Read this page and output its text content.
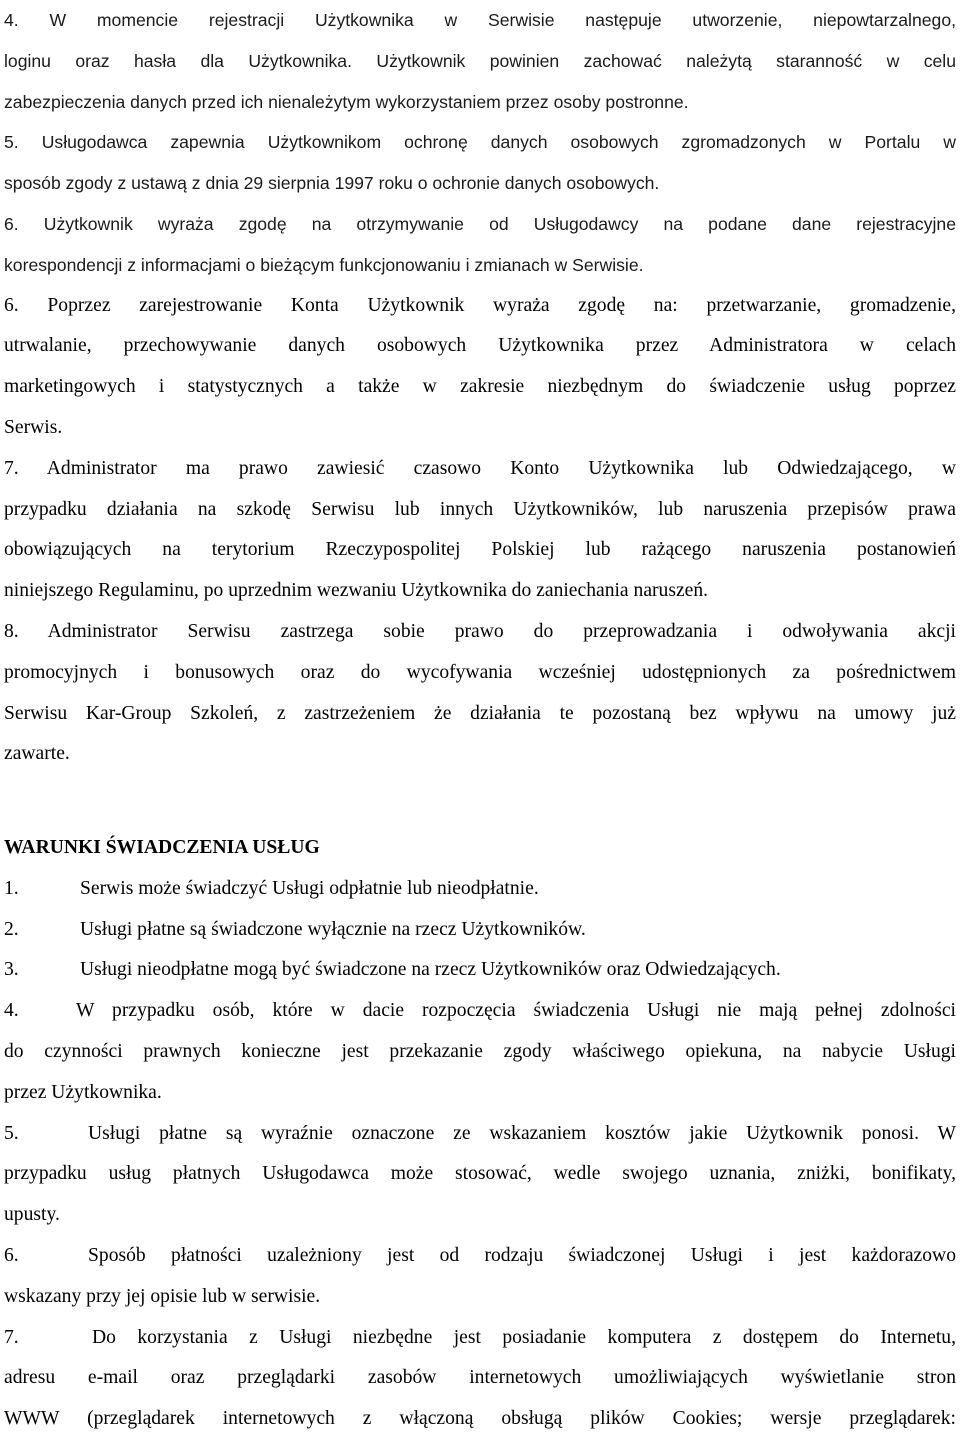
4. W momencie rejestracji Użytkownika w Serwisie następuje utworzenie, niepowtarzalnego,
loginu oraz hasła dla Użytkownika. Użytkownik powinien zachować należytą staranność w celu
zabezpieczenia danych przed ich nienależytym wykorzystaniem przez osoby postronne.
5. Usługodawca zapewnia Użytkownikom ochronę danych osobowych zgromadzonych w Portalu w
sposób zgody z ustawą z dnia 29 sierpnia 1997 roku o ochronie danych osobowych.
6. Użytkownik wyraża zgodę na otrzymywanie od Usługodawcy na podane dane rejestracyjne
korespondencji z informacjami o bieżącym funkcjonowaniu i zmianach w Serwisie.
6. Poprzez zarejestrowanie Konta Użytkownik wyraża zgodę na: przetwarzanie, gromadzenie,
utrwalanie, przechowywanie danych osobowych Użytkownika przez Administratora w celach
marketingowych i statystycznych a także w zakresie niezbędnym do świadczenie usług poprzez
Serwis.
7. Administrator ma prawo zawiesić czasowo Konto Użytkownika lub Odwiedzającego, w
przypadku działania na szkodę Serwisu lub innych Użytkowników, lub naruszenia przepisów prawa
obowiązujących na terytorium Rzeczypospolitej Polskiej lub rażącego naruszenia postanowień
niniejszego Regulaminu, po uprzednim wezwaniu Użytkownika do zaniechania naruszeń.
8. Administrator Serwisu zastrzega sobie prawo do przeprowadzania i odwoływania akcji
promocyjnych i bonusowych oraz do wycofywania wcześniej udostępnionych za pośrednictwem
Serwisu Kar-Group Szkoleń, z zastrzeżeniem że działania te pozostaną bez wpływu na umowy już
zawarte.
WARUNKI ŚWIADCZENIA USŁUG
1.	Serwis może świadczyć Usługi odpłatnie lub nieodpłatnie.
2.	Usługi płatne są świadczone wyłącznie na rzecz Użytkowników.
3.	Usługi nieodpłatne mogą być świadczone na rzecz Użytkowników oraz Odwiedzających.
4.	W przypadku osób, które w dacie rozpoczęcia świadczenia Usługi nie mają pełnej zdolności
do czynności prawnych konieczne jest przekazanie zgody właściwego opiekuna, na nabycie Usługi
przez Użytkownika.
5.	Usługi płatne są wyraźnie oznaczone ze wskazaniem kosztów jakie Użytkownik ponosi. W
przypadku usług płatnych Usługodawca może stosować, wedle swojego uznania, zniżki, bonifikaty,
upusty.
6.	Sposób płatności uzależniony jest od rodzaju świadczonej Usługi i jest każdorazowo
wskazany przy jej opisie lub w serwisie.
7.	Do korzystania z Usługi niezbędne jest posiadanie komputera z dostępem do Internetu,
adresu e-mail oraz przeglądarki zasobów internetowych umożliwiających wyświetlanie stron
WWW (przeglądarek internetowych z włączoną obsługą plików Cookies; wersje przeglądarek:
